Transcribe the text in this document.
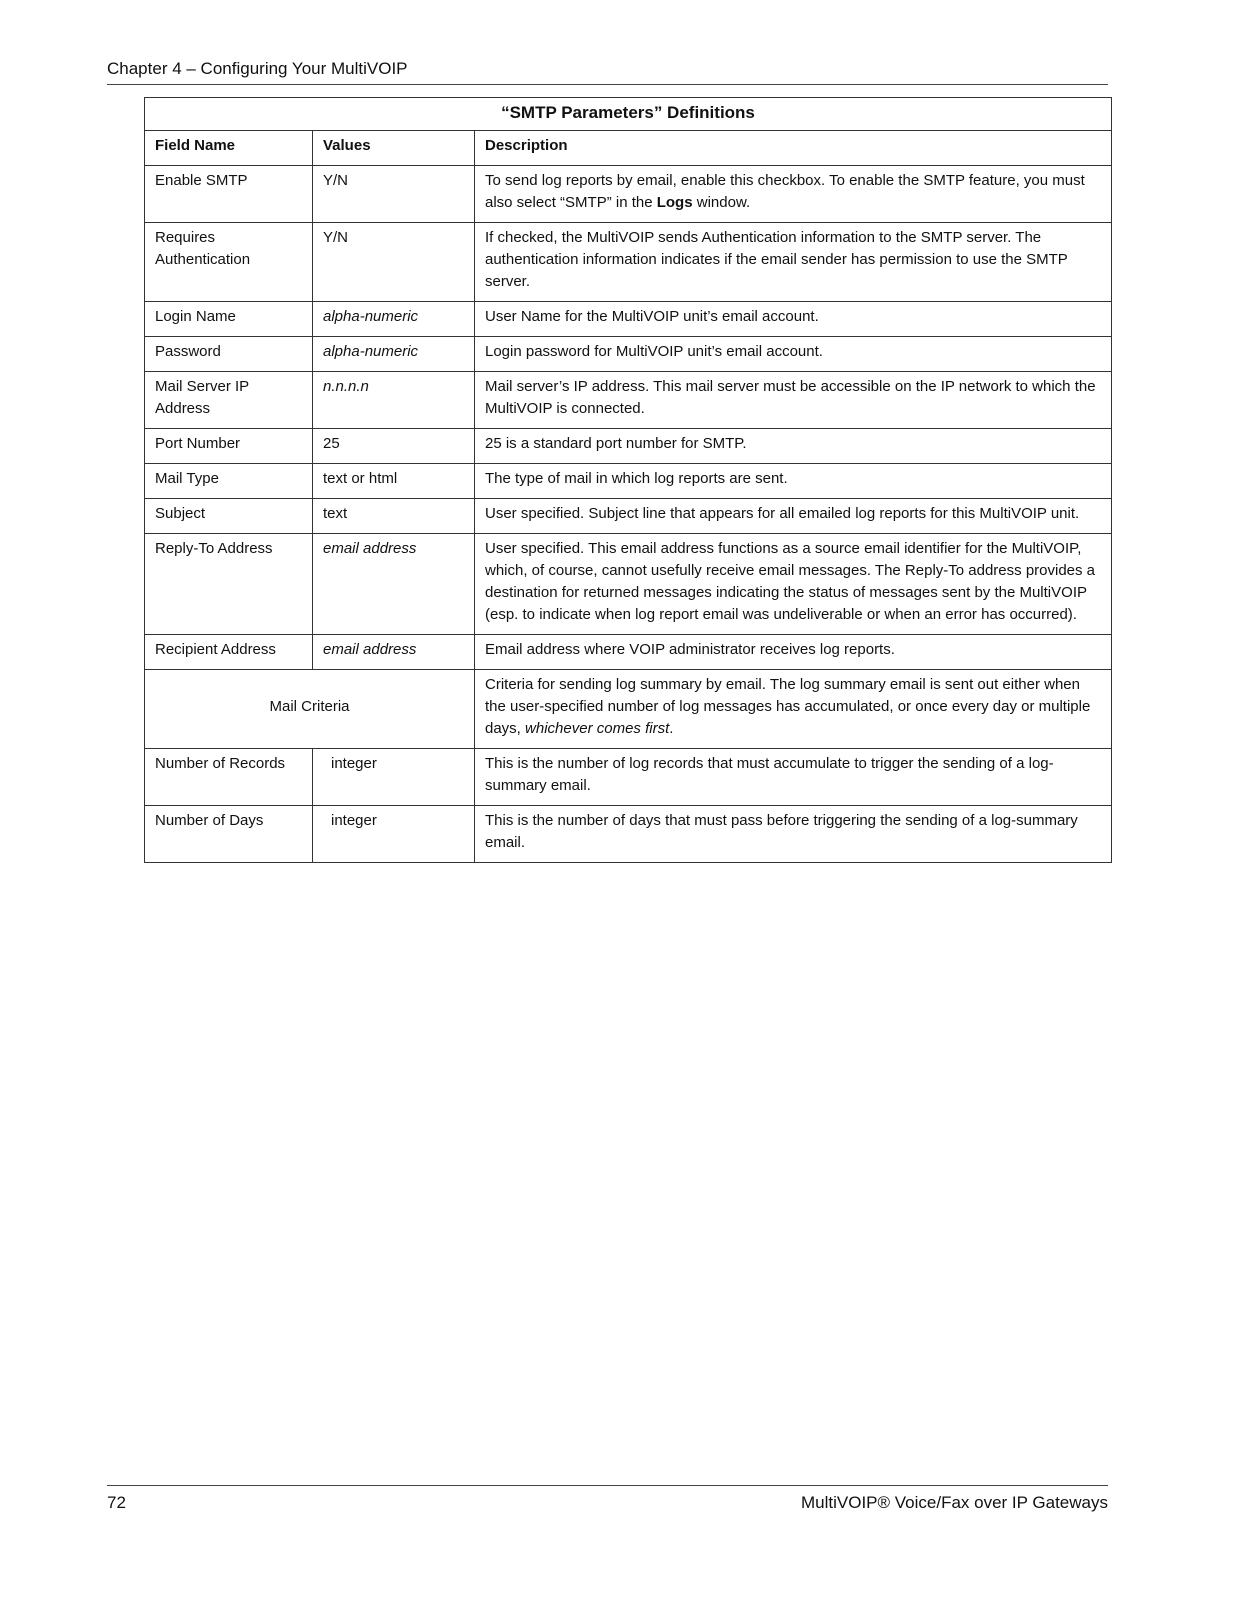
Chapter 4 – Configuring Your MultiVOIP
“SMTP Parameters” Definitions		
Field Name	Values	Description
Enable SMTP	Y/N	To send log reports by email, enable this checkbox. To enable the SMTP feature, you must also select “SMTP” in the Logs window.
Requires Authentication	Y/N	If checked, the MultiVOIP sends Authentication information to the SMTP server. The authentication information indicates if the email sender has permission to use the SMTP server.
Login Name	alpha-numeric	User Name for the MultiVOIP unit’s email account.
Password	alpha-numeric	Login password for MultiVOIP unit’s email account.
Mail Server IP Address	n.n.n.n	Mail server’s IP address. This mail server must be accessible on the IP network to which the MultiVOIP is connected.
Port Number	25	25 is a standard port number for SMTP.
Mail Type	text or html	The type of mail in which log reports are sent.
Subject	text	User specified. Subject line that appears for all emailed log reports for this MultiVOIP unit.
Reply-To Address	email address	User specified. This email address functions as a source email identifier for the MultiVOIP, which, of course, cannot usefully receive email messages. The Reply-To address provides a destination for returned messages indicating the status of messages sent by the MultiVOIP (esp. to indicate when log report email was undeliverable or when an error has occurred).
Recipient Address	email address	Email address where VOIP administrator receives log reports.
Mail Criteria		Criteria for sending log summary by email. The log summary email is sent out either when the user-specified number of log messages has accumulated, or once every day or multiple days, whichever comes first.
Number of Records	integer	This is the number of log records that must accumulate to trigger the sending of a log-summary email.
Number of Days	integer	This is the number of days that must pass before triggering the sending of a log-summary email.
72	MultiVOIP® Voice/Fax over IP Gateways
